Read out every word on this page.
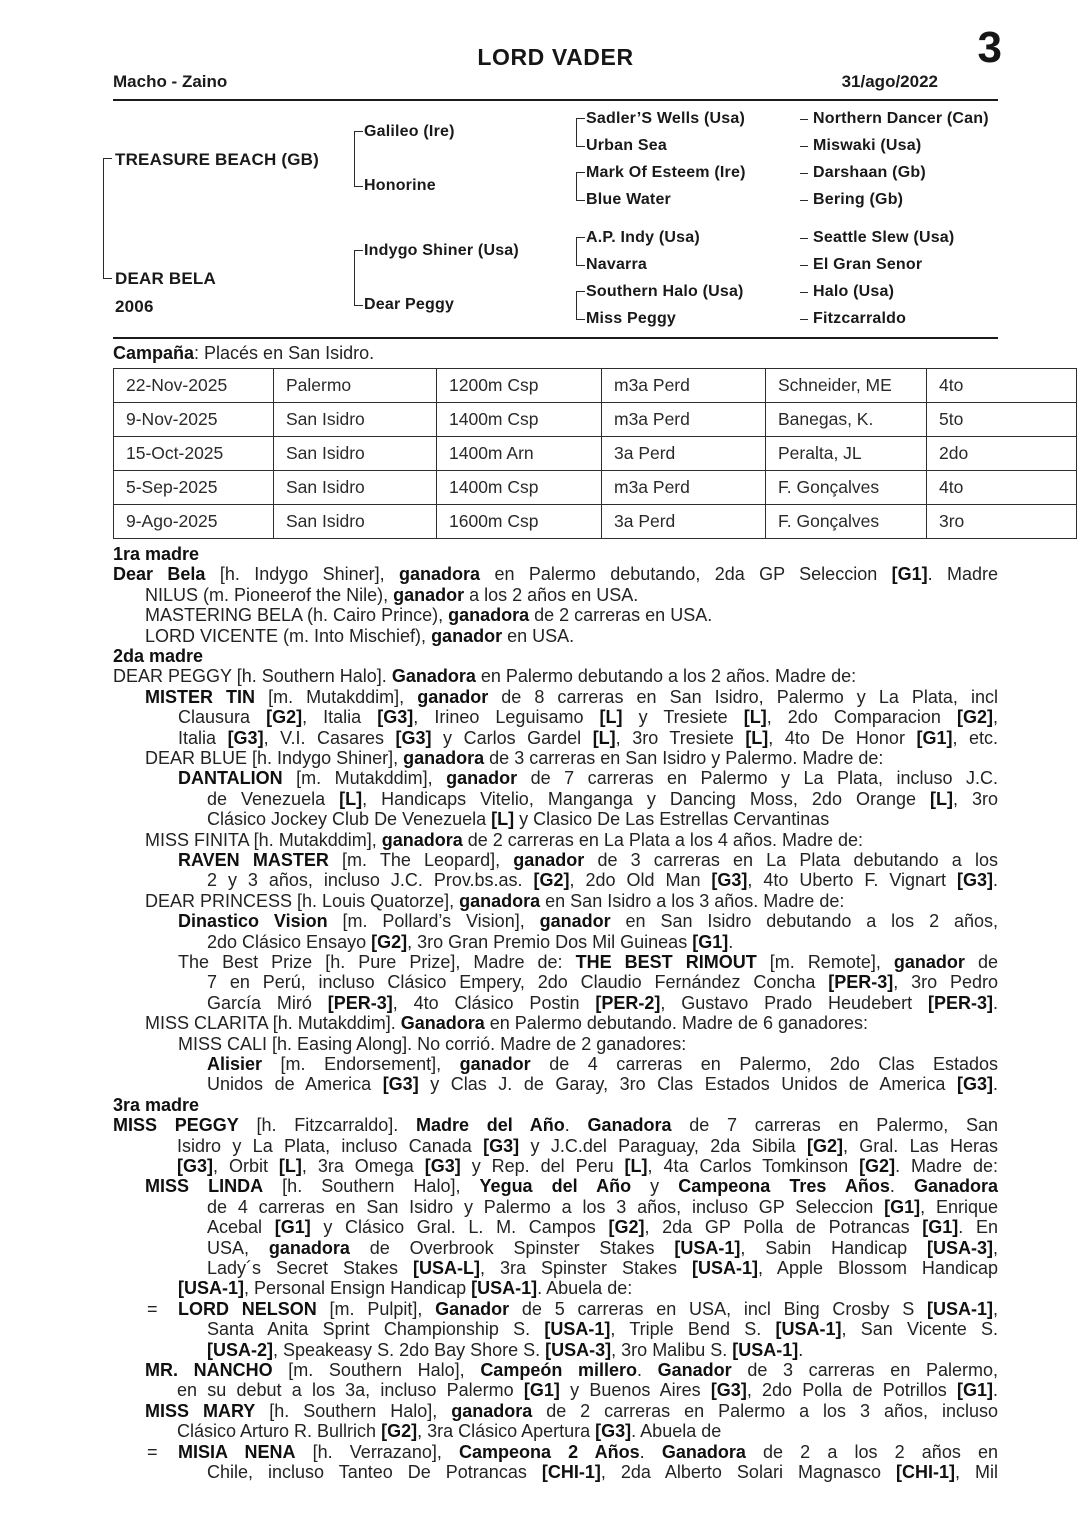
LORD VADER	3
Macho - Zaino	31/ago/2022
TREASURE BEACH (GB)
DEAR BELA
2006
Galileo (Ire)
Honorine
Indygo Shiner (Usa)
Dear Peggy
Sadler’S Wells (Usa)
Urban Sea
Mark Of Esteem (Ire)
Blue Water
A.P. Indy (Usa)
Navarra
Southern Halo (Usa)
Miss Peggy
Northern Dancer (Can)
Miswaki (Usa)
Darshaan (Gb)
Bering (Gb)
Seattle Slew (Usa)
El Gran Senor
Halo (Usa)
Fitzcarraldo
Campaña: Placés en San Isidro.
22-Nov-2025	Palermo	1200m Csp	m3a Perd	Schneider, ME	4to
9-Nov-2025	San Isidro	1400m Csp	m3a Perd	Banegas, K.	5to
15-Oct-2025	San Isidro	1400m Arn	3a Perd	Peralta, JL	2do
5-Sep-2025	San Isidro	1400m Csp	m3a Perd	F. Gonçalves	4to
9-Ago-2025	San Isidro	1600m Csp	3a Perd	F. Gonçalves	3ro
1ra madre
Dear Bela [h. Indygo Shiner], ganadora en Palermo debutando, 2da GP Seleccion [G1]. Madre
NILUS (m. Pioneerof the Nile), ganador a los 2 años en USA.
MASTERING BELA (h. Cairo Prince), ganadora de 2 carreras en USA.
LORD VICENTE (m. Into Mischief), ganador en USA.
2da madre
DEAR PEGGY [h. Southern Halo]. Ganadora en Palermo debutando a los 2 años. Madre de:
MISTER TIN [m. Mutakddim], ganador de 8 carreras en San Isidro, Palermo y La Plata, incl
Clausura [G2], Italia [G3], Irineo Leguisamo [L] y Tresiete [L], 2do Comparacion [G2],
Italia [G3], V.I. Casares [G3] y Carlos Gardel [L], 3ro Tresiete [L], 4to De Honor [G1], etc.
DEAR BLUE [h. Indygo Shiner], ganadora de 3 carreras en San Isidro y Palermo. Madre de:
DANTALION [m. Mutakddim], ganador de 7 carreras en Palermo y La Plata, incluso J.C.
de Venezuela [L], Handicaps Vitelio, Manganga y Dancing Moss, 2do Orange [L], 3ro
Clásico Jockey Club De Venezuela [L] y Clasico De Las Estrellas Cervantinas
MISS FINITA [h. Mutakddim], ganadora de 2 carreras en La Plata a los 4 años. Madre de:
RAVEN MASTER [m. The Leopard], ganador de 3 carreras en La Plata debutando a los
2 y 3 años, incluso J.C. Prov.bs.as. [G2], 2do Old Man [G3], 4to Uberto F. Vignart [G3].
DEAR PRINCESS [h. Louis Quatorze], ganadora en San Isidro a los 3 años. Madre de:
Dinastico Vision [m. Pollard’s Vision], ganador en San Isidro debutando a los 2 años,
2do Clásico Ensayo [G2], 3ro Gran Premio Dos Mil Guineas [G1].
The Best Prize [h. Pure Prize], Madre de: THE BEST RIMOUT [m. Remote], ganador de
7 en Perú, incluso Clásico Empery, 2do Claudio Fernández Concha [PER-3], 3ro Pedro
García Miró [PER-3], 4to Clásico Postin [PER-2], Gustavo Prado Heudebert [PER-3].
MISS CLARITA [h. Mutakddim]. Ganadora en Palermo debutando. Madre de 6 ganadores:
MISS CALI [h. Easing Along]. No corrió. Madre de 2 ganadores:
Alisier [m. Endorsement], ganador de 4 carreras en Palermo, 2do Clas Estados
Unidos de America [G3] y Clas J. de Garay, 3ro Clas Estados Unidos de America [G3].
3ra madre
MISS PEGGY [h. Fitzcarraldo]. Madre del Año. Ganadora de 7 carreras en Palermo, San
Isidro y La Plata, incluso Canada [G3] y J.C.del Paraguay, 2da Sibila [G2], Gral. Las Heras
[G3], Orbit [L], 3ra Omega [G3] y Rep. del Peru [L], 4ta Carlos Tomkinson [G2]. Madre de:
MISS LINDA [h. Southern Halo], Yegua del Año y Campeona Tres Años. Ganadora
de 4 carreras en San Isidro y Palermo a los 3 años, incluso GP Seleccion [G1], Enrique
Acebal [G1] y Clásico Gral. L. M. Campos [G2], 2da GP Polla de Potrancas [G1]. En
USA, ganadora de Overbrook Spinster Stakes [USA-1], Sabin Handicap [USA-3],
Lady´s Secret Stakes [USA-L], 3ra Spinster Stakes [USA-1], Apple Blossom Handicap
[USA-1], Personal Ensign Handicap [USA-1]. Abuela de:
= LORD NELSON [m. Pulpit], Ganador de 5 carreras en USA, incl Bing Crosby S [USA-1],
Santa Anita Sprint Championship S. [USA-1], Triple Bend S. [USA-1], San Vicente S.
[USA-2], Speakeasy S. 2do Bay Shore S. [USA-3], 3ro Malibu S. [USA-1].
MR. NANCHO [m. Southern Halo], Campeón millero. Ganador de 3 carreras en Palermo,
en su debut a los 3a, incluso Palermo [G1] y Buenos Aires [G3], 2do Polla de Potrillos [G1].
MISS MARY [h. Southern Halo], ganadora de 2 carreras en Palermo a los 3 años, incluso
Clásico Arturo R. Bullrich [G2], 3ra Clásico Apertura [G3]. Abuela de
= MISIA NENA [h. Verrazano], Campeona 2 Años. Ganadora de 2 a los 2 años en
Chile, incluso Tanteo De Potrancas [CHI-1], 2da Alberto Solari Magnasco [CHI-1], Mil
